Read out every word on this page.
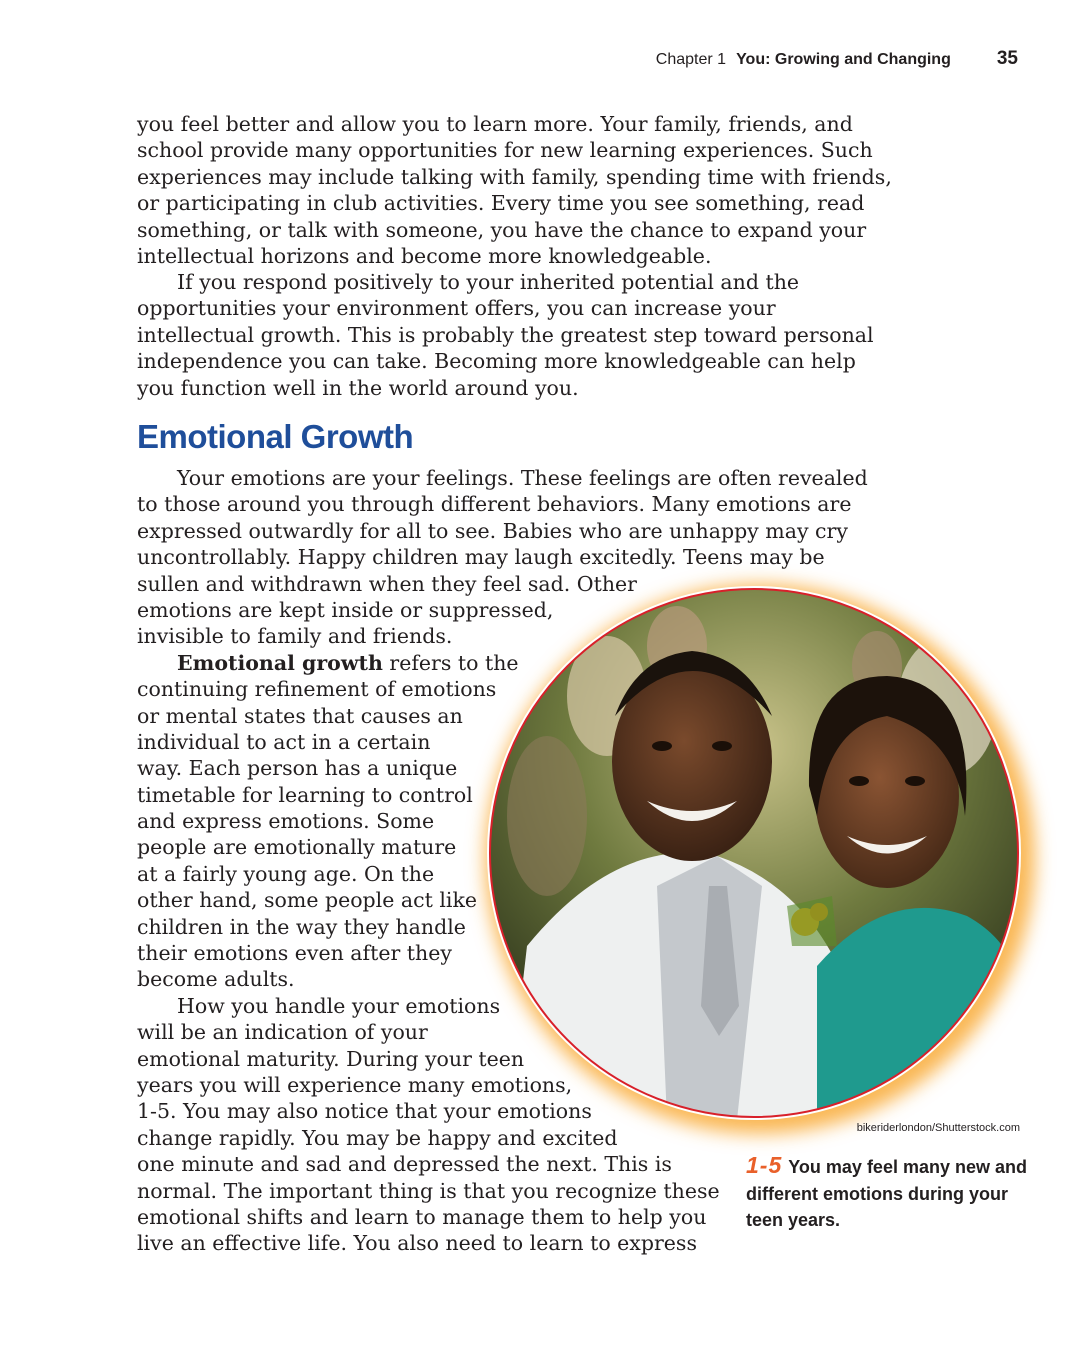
Chapter 1 You: Growing and Changing 35

you feel better and allow you to learn more. Your family, friends, and school provide many opportunities for new learning experiences. Such experiences may include talking with family, spending time with friends, or participating in club activities. Every time you see something, read something, or talk with someone, you have the chance to expand your intellectual horizons and become more knowledgeable.

If you respond positively to your inherited potential and the opportunities your environment offers, you can increase your intellectual growth. This is probably the greatest step toward personal independence you can take. Becoming more knowledgeable can help you function well in the world around you.

Emotional Growth
Your emotions are your feelings. These feelings are often revealed
to those around you through different behaviors. Many emotions are
expressed outwardly for all to see. Babies who are unhappy may cry
uncontrollably. Happy children may laugh excitedly. Teens may be
sullen and withdrawn when they feel sad. Other
emotions are kept inside or suppressed,
invisible to family and friends.
Emotional growth refers to the
continuing refinement of emotions
or mental states that causes an
individual to act in a certain
way. Each person has a unique
timetable for learning to control
and express emotions. Some
people are emotionally mature
at a fairly young age. On the
other hand, some people act like
children in the way they handle
their emotions even after they
become adults.
How you handle your emotions
will be an indication of your
emotional maturity. During your teen
years you will experience many emotions,
1-5. You may also notice that your emotions
change rapidly. You may be happy and excited
one minute and sad and depressed the next. This is
normal. The important thing is that you recognize these
emotional shifts and learn to manage them to help you
live an effective life. You also need to learn to express
bikeriderlondon/Shutterstock.com

1-5 You may feel many new and different emotions during your teen years.
